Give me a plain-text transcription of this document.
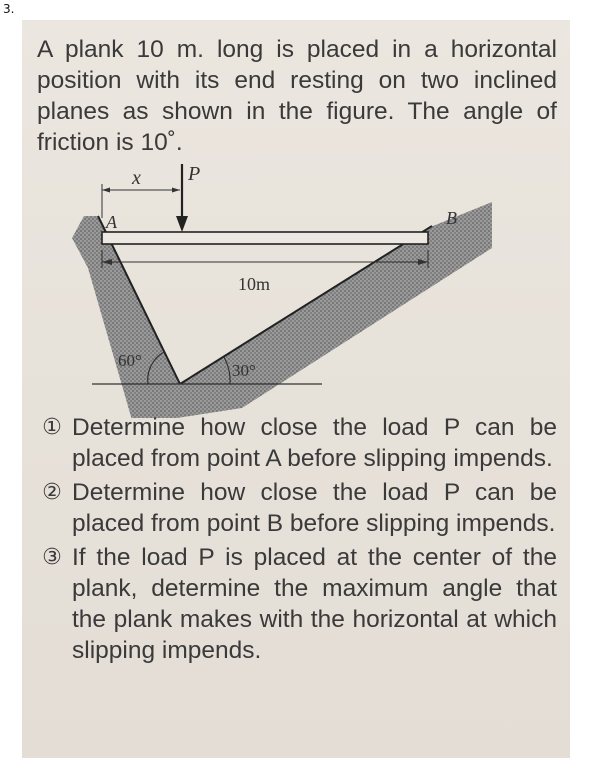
3.
A plank 10 m. long is placed in a horizontal position with its end resting on two inclined planes as shown in the figure. The angle of friction is 10˚.
10m
x P
A	B
60°
30°
① Determine how close the load P can be placed from point A before slipping impends.
② Determine how close the load P can be placed from point B before slipping impends.
③ If the load P is placed at the center of the plank, determine the maximum angle that the plank makes with the horizontal at which slipping impends.
